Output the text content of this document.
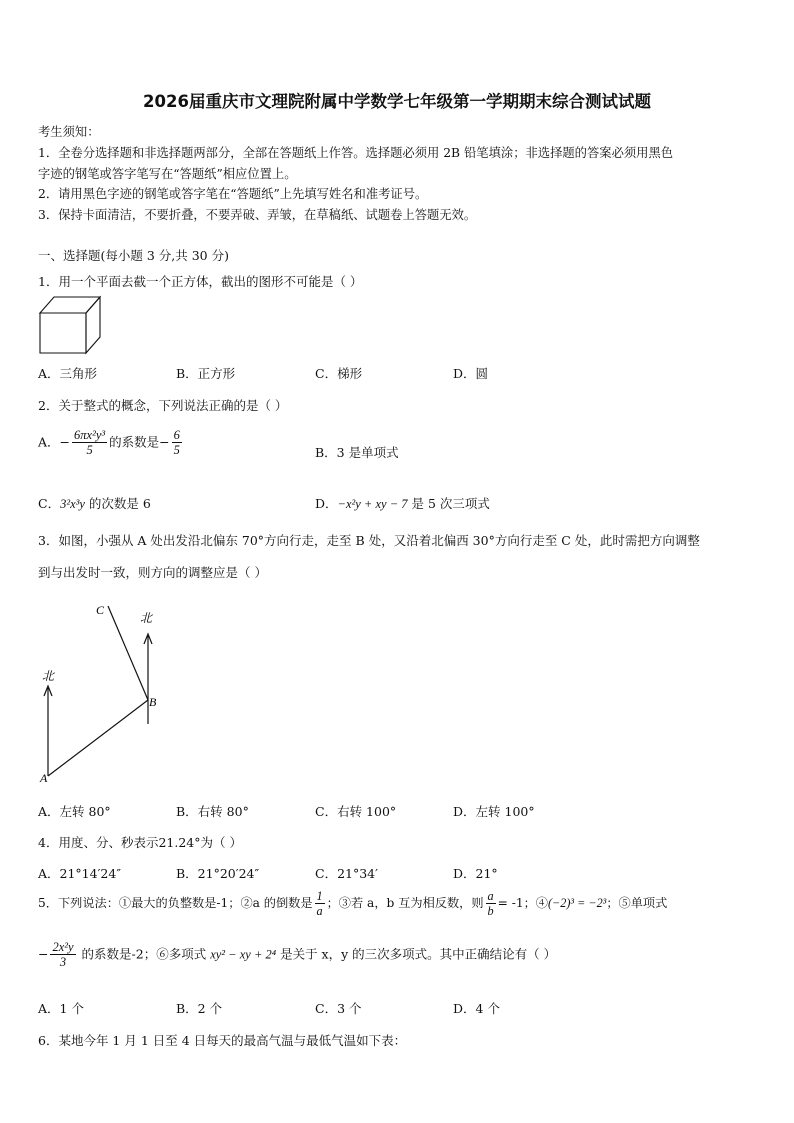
2026届重庆市文理院附属中学数学七年级第一学期期末综合测试试题
考生须知：
1．全卷分选择题和非选择题两部分，全部在答题纸上作答。选择题必须用 2B 铅笔填涂；非选择题的答案必须用黑色
字迹的钢笔或答字笔写在“答题纸”相应位置上。
2．请用黑色字迹的钢笔或答字笔在“答题纸”上先填写姓名和准考证号。
3．保持卡面清洁，不要折叠，不要弄破、弄皱，在草稿纸、试题卷上答题无效。
一、选择题(每小题 3 分,共 30 分)
1．用一个平面去截一个正方体，截出的图形不可能是（ ）
A．三角形	B．正方形	C．梯形	D．圆
2．关于整式的概念，下列说法正确的是（ ）
A．− $\frac{\text{6πx²y³}}{5}$ 的系数是− $\frac{6}{5}$	B．3 是单项式
C．3²x³y 的次数是 6	D．−x²y + xy − 7 是 5 次三项式
3．如图，小强从 A 处出发沿北偏东 70°方向行走，走至 B 处，又沿着北偏西 30°方向行走至 C 处，此时需把方向调整
到与出发时一致，则方向的调整应是（ ）
北
北
A
B
C
A．左转 80°	B．右转 80°	C．右转 100°	D．左转 100°
4．用度、分、秒表示21.24°为（ ）
A．21°14′24″	B．21°20′24″	C．21°34′	D．21°
5．下列说法：①最大的负整数是-1；②a 的倒数是 $\frac{1}{a}$ ；③若 a，b 互为相反数，则 $\frac{a}{b} = -1$；④(−2)³ = −2³；⑤单项式
− $\frac{\text{2x²y}}{3}$ 的系数是-2；⑥多项式 xy² − xy + 2⁴ 是关于 x，y 的三次多项式。其中正确结论有（ ）
A．1 个	B．2 个	C．3 个	D．4 个
6．某地今年 1 月 1 日至 4 日每天的最高气温与最低气温如下表：
